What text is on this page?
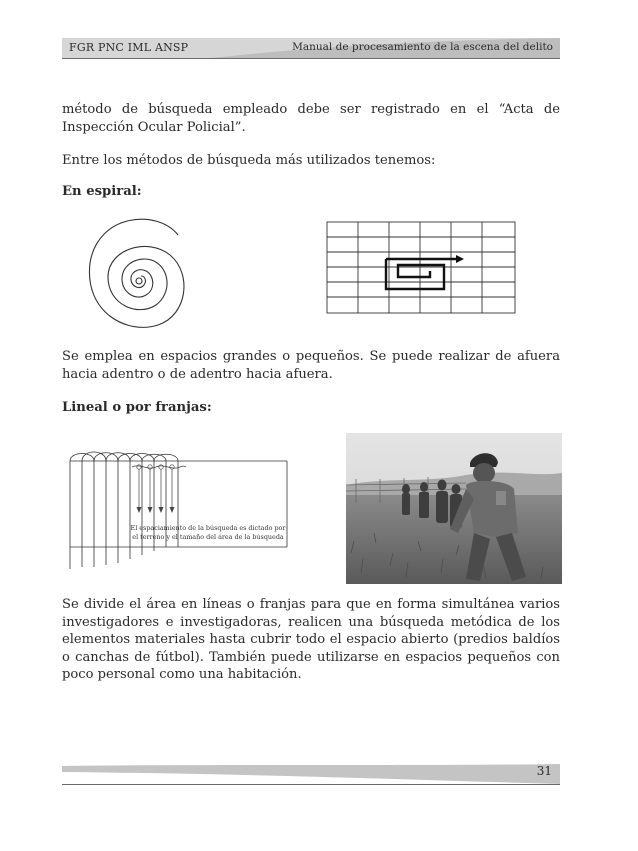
FGR PNC IML ANSP	Manual de procesamiento de la escena del delito

método de búsqueda empleado debe ser registrado en el “Acta de Inspección Ocular Policial”.

Entre los métodos de búsqueda más utilizados tenemos:

En espiral:

Se emplea en espacios grandes o pequeños. Se puede realizar de afuera hacia adentro o de adentro hacia afuera.

Lineal o por franjas:

El espaciamiento de la búsqueda es dictado por
el terreno y el tamaño del área de la búsqueda

Se divide el área en líneas o franjas para que en forma simultánea varios investigadores e investigadoras, realicen una búsqueda metódica de los elementos materiales hasta cubrir todo el espacio abierto (predios baldíos o canchas de fútbol). También puede utilizarse en espacios pequeños con poco personal como una habitación.

31
